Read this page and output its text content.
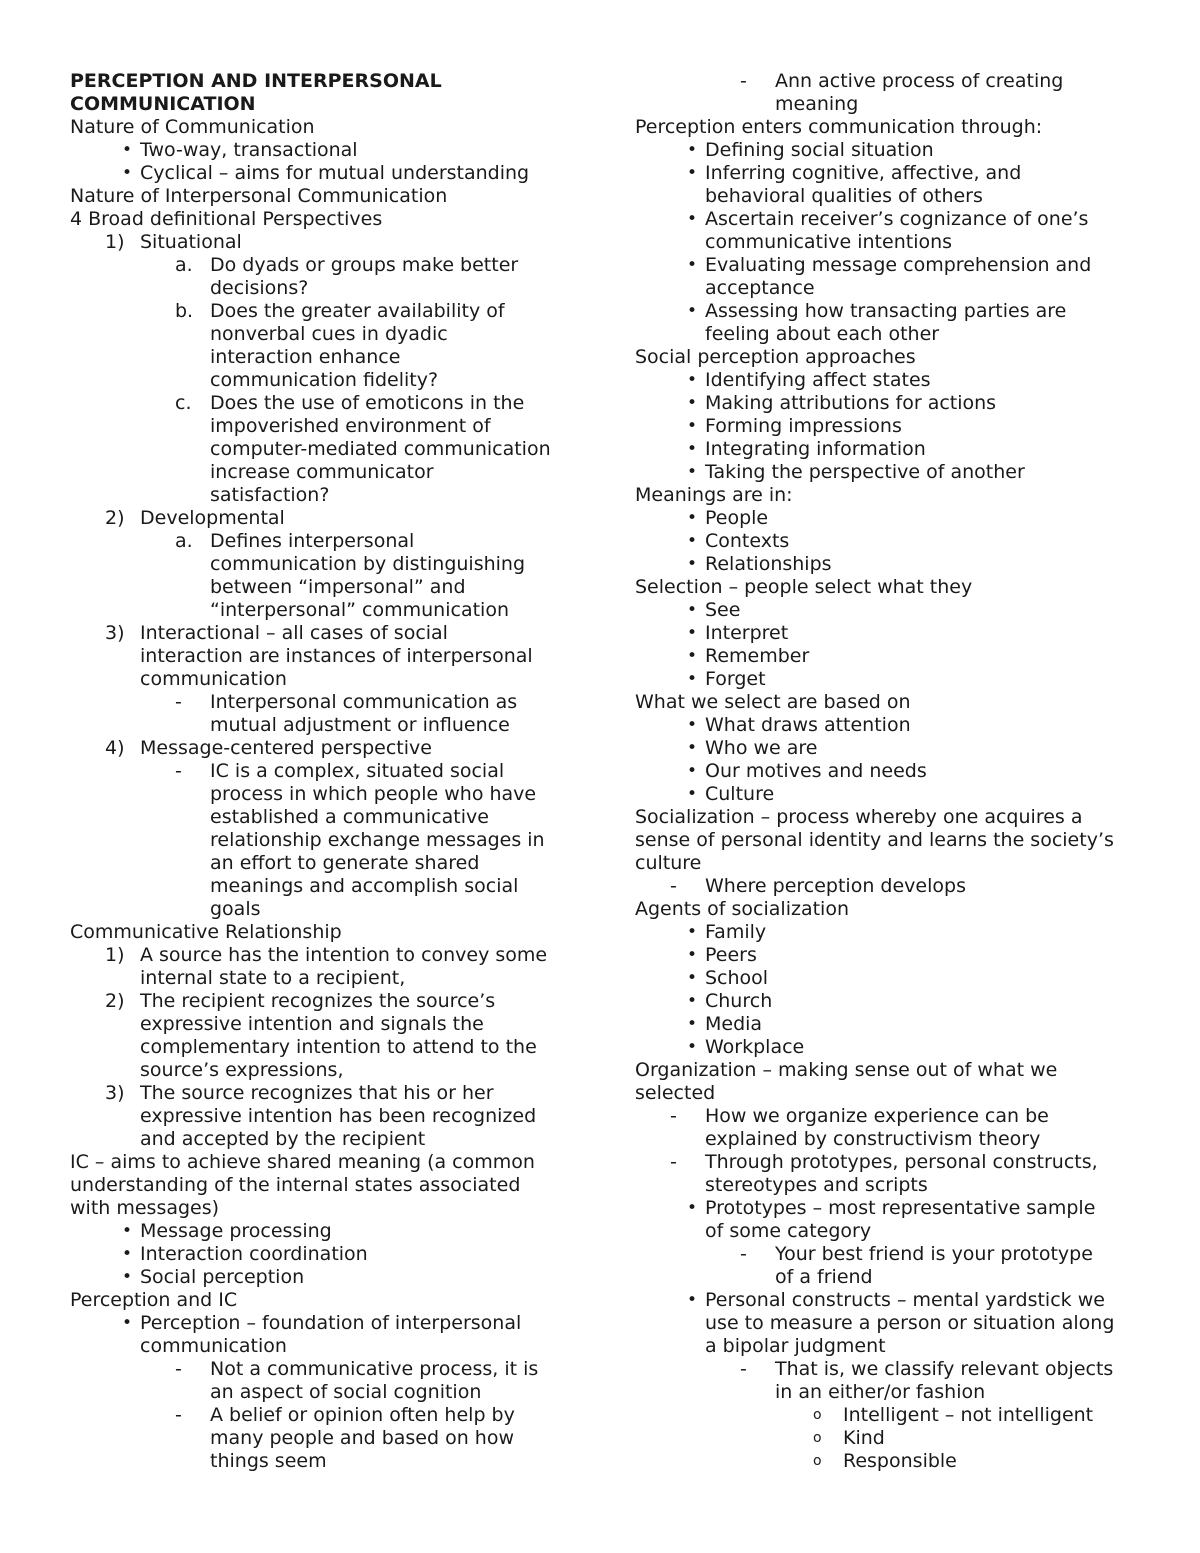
PERCEPTION AND INTERPERSONAL
COMMUNICATION
Nature of Communication
• Two-way, transactional
• Cyclical – aims for mutual understanding
Nature of Interpersonal Communication
4 Broad definitional Perspectives
1) Situational
a. Do dyads or groups make better
decisions?
b. Does the greater availability of
nonverbal cues in dyadic
interaction enhance
communication fidelity?
c. Does the use of emoticons in the
impoverished environment of
computer-mediated communication
increase communicator
satisfaction?
2) Developmental
a. Defines interpersonal
communication by distinguishing
between “impersonal” and
“interpersonal” communication
3) Interactional – all cases of social
interaction are instances of interpersonal
communication
-	Interpersonal communication as
mutual adjustment or influence
4) Message-centered perspective
-	IC is a complex, situated social
process in which people who have
established a communicative
relationship exchange messages in
an effort to generate shared
meanings and accomplish social
goals
Communicative Relationship
1) A source has the intention to convey some
internal state to a recipient,
2) The recipient recognizes the source’s
expressive intention and signals the
complementary intention to attend to the
source’s expressions,
3) The source recognizes that his or her
expressive intention has been recognized
and accepted by the recipient
IC – aims to achieve shared meaning (a common
understanding of the internal states associated
with messages)
• Message processing
• Interaction coordination
• Social perception
Perception and IC
• Perception – foundation of interpersonal
communication
-	Not a communicative process, it is
an aspect of social cognition
-	A belief or opinion often help by
many people and based on how
things seem
-	Ann active process of creating
meaning
Perception enters communication through:
• Defining social situation
• Inferring cognitive, affective, and
behavioral qualities of others
• Ascertain receiver’s cognizance of one’s
communicative intentions
• Evaluating message comprehension and
acceptance
• Assessing how transacting parties are
feeling about each other
Social perception approaches
• Identifying affect states
• Making attributions for actions
• Forming impressions
• Integrating information
• Taking the perspective of another
Meanings are in:
• People
• Contexts
• Relationships
Selection – people select what they
• See
• Interpret
• Remember
• Forget
What we select are based on
• What draws attention
• Who we are
• Our motives and needs
• Culture
Socialization – process whereby one acquires a
sense of personal identity and learns the society’s
culture
-	Where perception develops
Agents of socialization
• Family
• Peers
• School
• Church
• Media
• Workplace
Organization – making sense out of what we
selected
-	How we organize experience can be
explained by constructivism theory
-	Through prototypes, personal constructs,
stereotypes and scripts
• Prototypes – most representative sample
of some category
-	Your best friend is your prototype
of a friend
• Personal constructs – mental yardstick we
use to measure a person or situation along
a bipolar judgment
-	That is, we classify relevant objects
in an either/or fashion
o	Intelligent – not intelligent
o	Kind
o	Responsible
